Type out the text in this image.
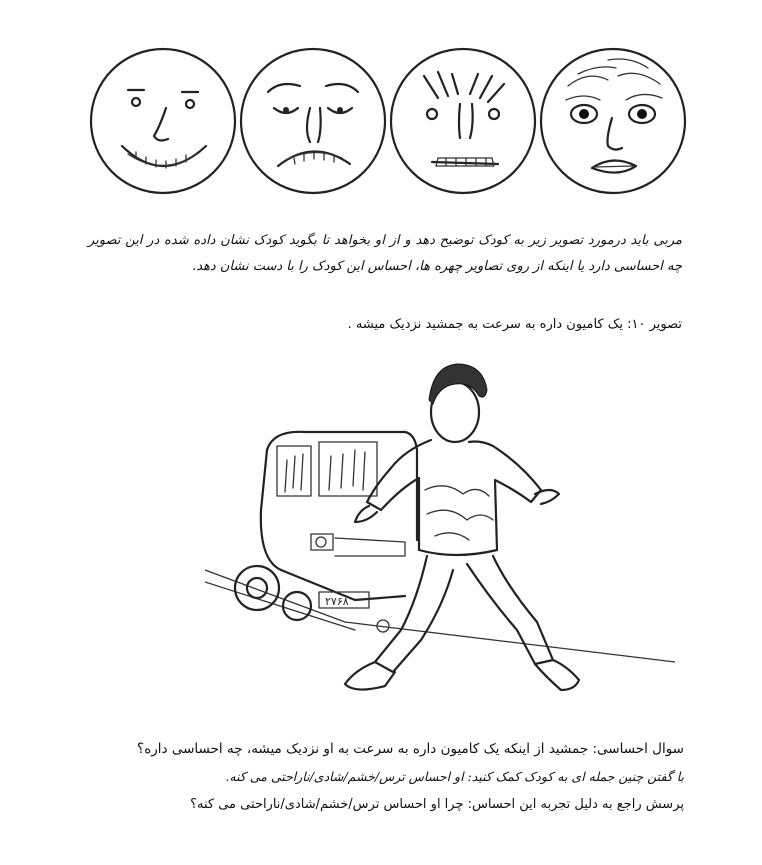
مربی باید درمورد تصویر زیر به کودک توضیح دهد و از او بخواهد تا بگوید کودک نشان داده شده در این تصویر چه احساسی دارد یا اینکه از روی تصاویر چهره ها، احساس این کودک را با دست نشان دهد.
تصویر ۱۰: یک کامیون داره به سرعت به جمشید نزدیک میشه .
۲۷۶۸
سوال احساسی: جمشید از اینکه یک کامیون داره به سرعت به او نزدیک میشه، چه احساسی داره؟
با گفتن چنین جمله ای به کودک کمک کنید: او احساس ترس/خشم/شادی/ناراحتی می کنه.
پرسش راجع به دلیل تجربه این احساس: چرا او احساس ترس/خشم/شادی/ناراحتی می کنه؟
